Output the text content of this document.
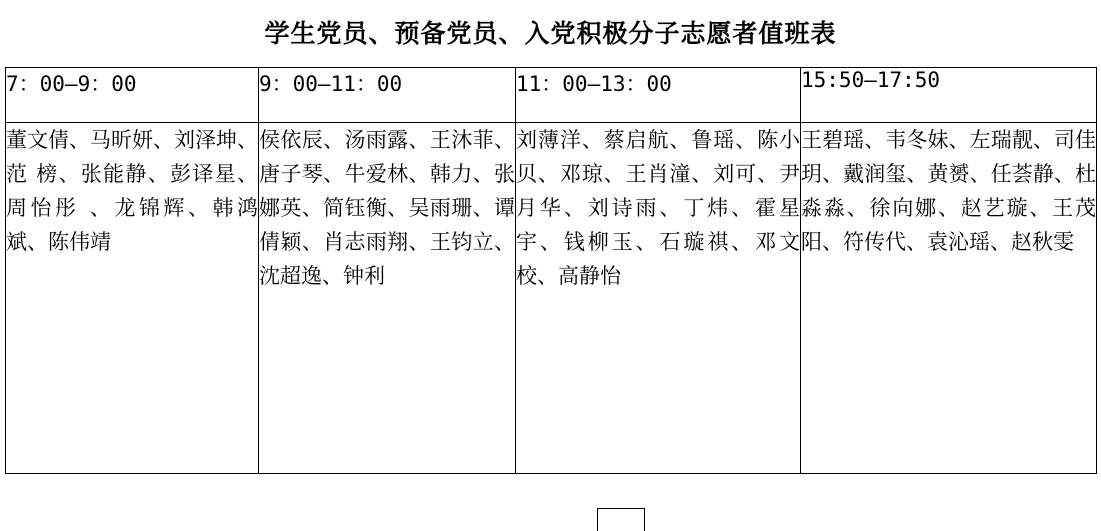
学生党员、预备党员、入党积极分子志愿者值班表
7：00—9：00	9：00—11：00	11：00—13：00	15:50—17:50
董文倩、马昕妍、刘泽坤、范 榜、张能静、彭译星、周怡彤 、龙锦辉、韩鸿斌、陈伟靖	侯依辰、汤雨露、王沐菲、唐子琴、牛爱林、韩力、张娜英、简钰衡、吴雨珊、谭倩颖、肖志雨翔、王钧立、沈超逸、钟利	刘薄洋、蔡启航、鲁瑶、陈小贝、邓琼、王肖潼、刘可、尹月华、刘诗雨、丁炜、霍星宇、钱柳玉、石璇祺、邓文校、高静怡	王碧瑶、韦冬妹、左瑞靓、司佳玥、戴润玺、黄赟、任荟静、杜淼淼、徐向娜、赵艺璇、王茂阳、符传代、袁沁瑶、赵秋雯
